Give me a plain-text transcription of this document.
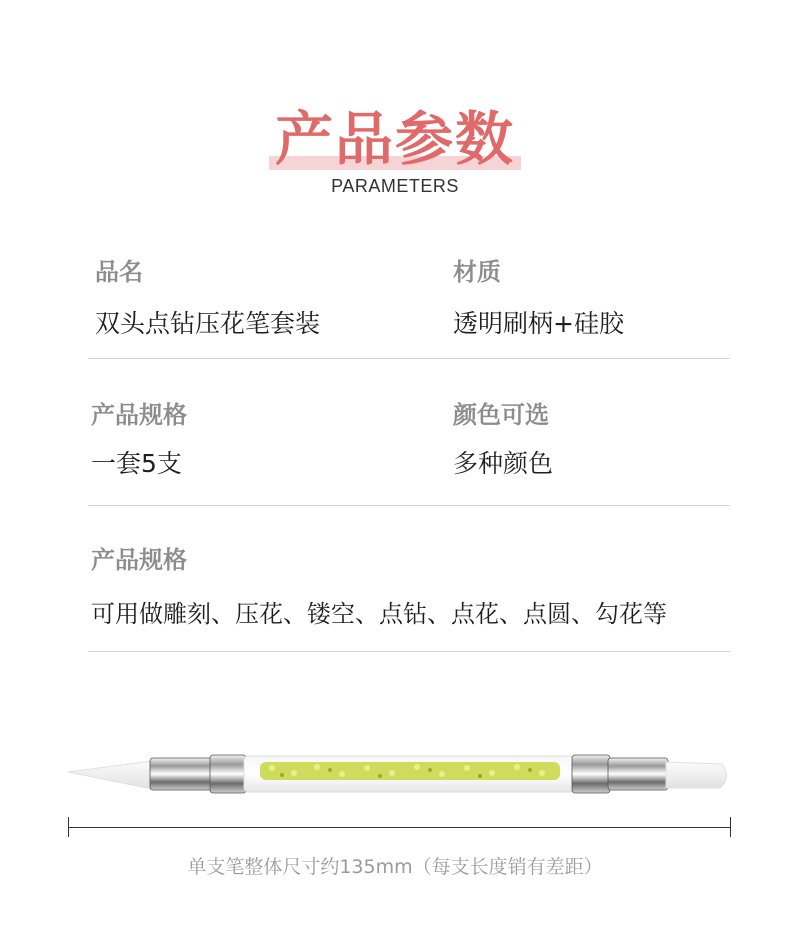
产品参数
PARAMETERS
品名
双头点钻压花笔套装
材质
透明刷柄+硅胶
产品规格
一套5支
颜色可选
多种颜色
产品规格
可用做雕刻、压花、镂空、点钻、点花、点圆、勾花等
单支笔整体尺寸约135mm（每支长度销有差距）
